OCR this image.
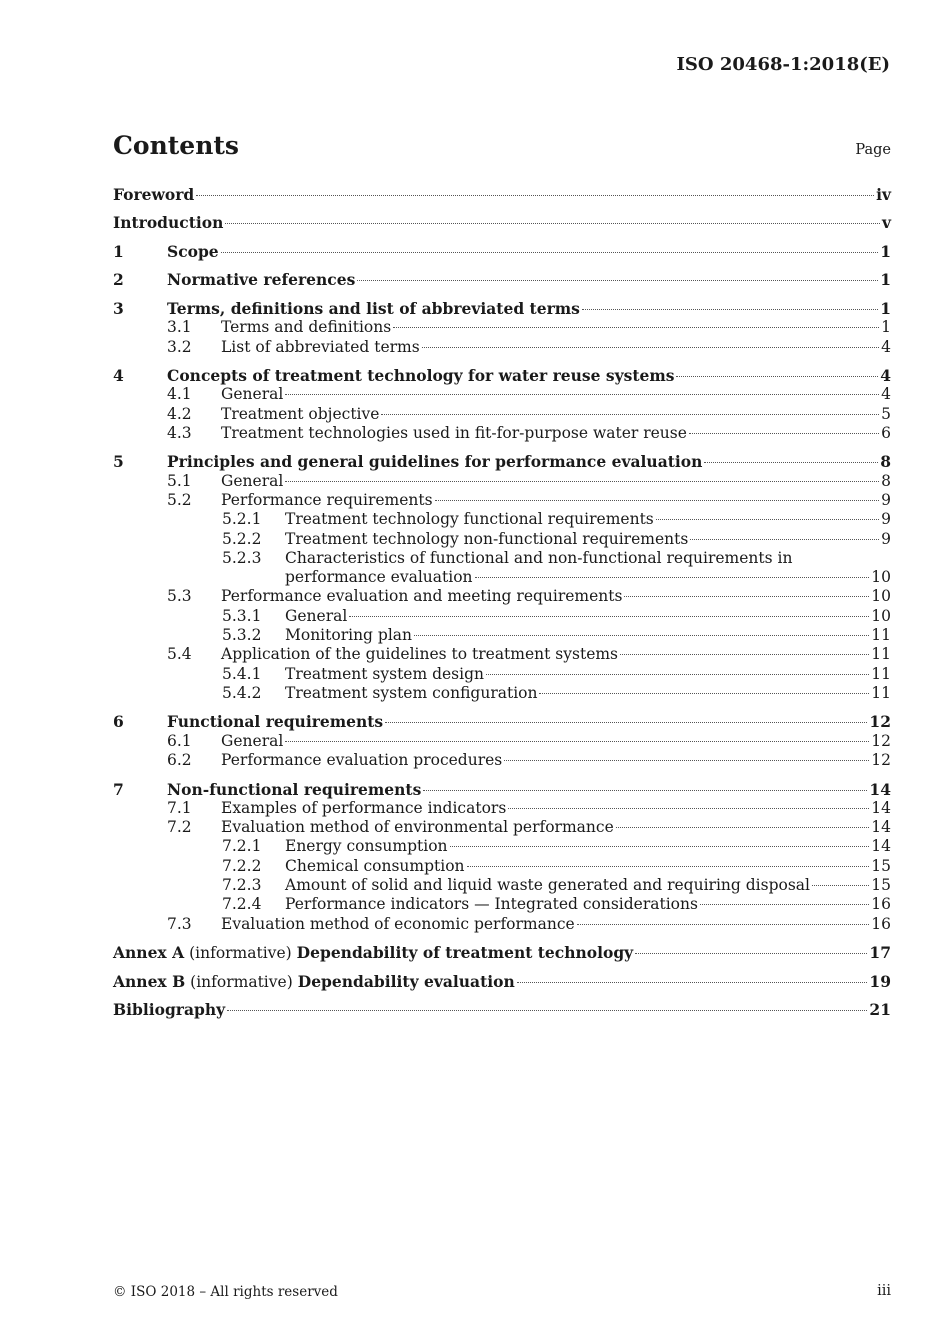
ISO 20468-1:2018(E)
Contents	Page
Foreword	iv
Introduction	v
1	Scope	1
2	Normative references	1
3	Terms, definitions and list of abbreviated terms	1
3.1	Terms and definitions	1
3.2	List of abbreviated terms	4
4	Concepts of treatment technology for water reuse systems	4
4.1	General	4
4.2	Treatment objective	5
4.3	Treatment technologies used in fit-for-purpose water reuse	6
5	Principles and general guidelines for performance evaluation	8
5.1	General	8
5.2	Performance requirements	9
5.2.1	Treatment technology functional requirements	9
5.2.2	Treatment technology non-functional requirements	9
5.2.3	Characteristics of functional and non-functional requirements in
performance evaluation	10
5.3	Performance evaluation and meeting requirements	10
5.3.1	General	10
5.3.2	Monitoring plan	11
5.4	Application of the guidelines to treatment systems	11
5.4.1	Treatment system design	11
5.4.2	Treatment system configuration	11
6	Functional requirements	12
6.1	General	12
6.2	Performance evaluation procedures	12
7	Non-functional requirements	14
7.1	Examples of performance indicators	14
7.2	Evaluation method of environmental performance	14
7.2.1	Energy consumption	14
7.2.2	Chemical consumption	15
7.2.3	Amount of solid and liquid waste generated and requiring disposal	15
7.2.4	Performance indicators — Integrated considerations	16
7.3	Evaluation method of economic performance	16
Annex A (informative) Dependability of treatment technology	17
Annex B (informative) Dependability evaluation	19
Bibliography	21
© ISO 2018 – All rights reserved	iii
